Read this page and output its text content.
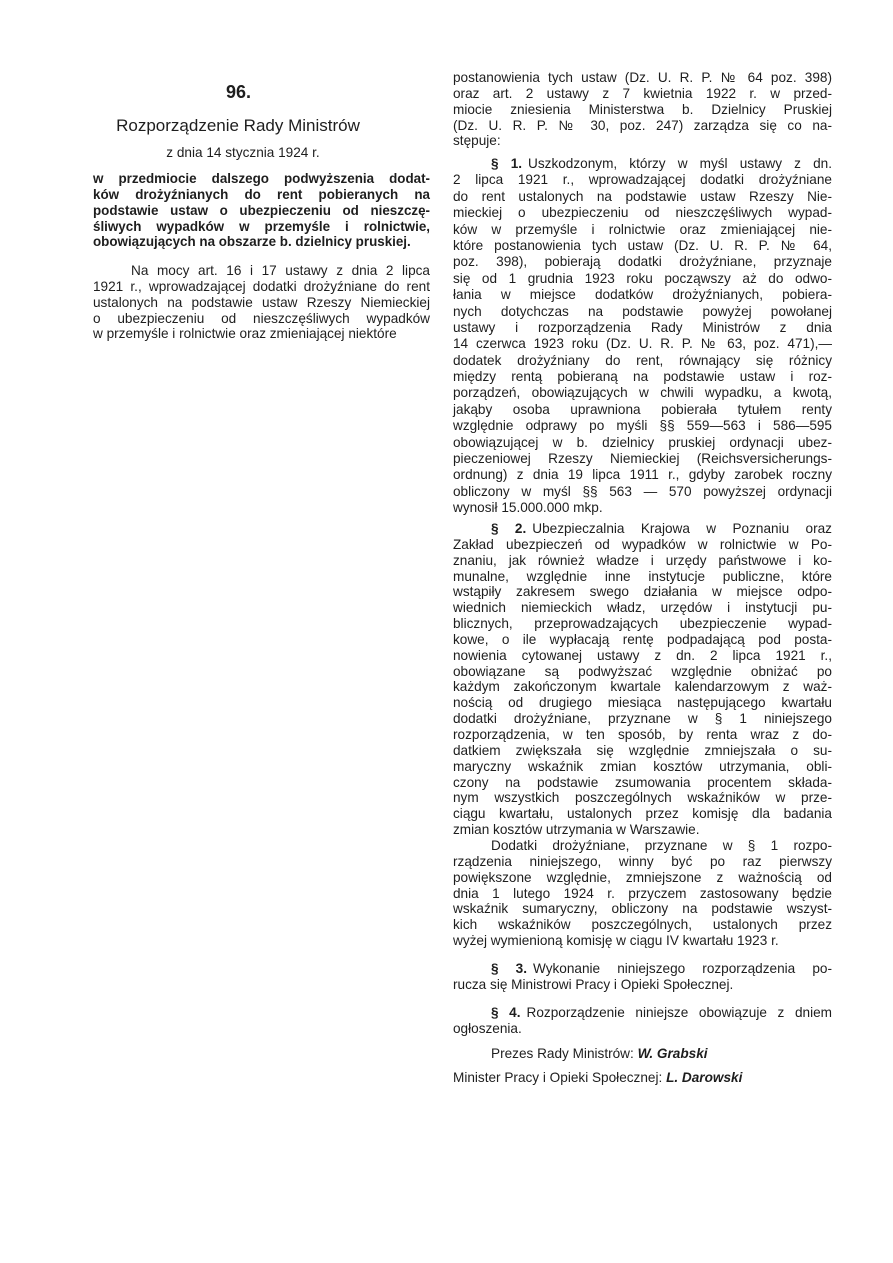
96.
Rozporządzenie Rady Ministrów
z dnia 14 stycznia 1924 r.
w przedmiocie dalszego podwyższenia dodat-
ków drożyźnianych do rent pobieranych na
podstawie ustaw o ubezpieczeniu od nieszczę-
śliwych wypadków w przemyśle i rolnictwie,
obowiązujących na obszarze b. dzielnicy pruskiej.
Na mocy art. 16 i 17 ustawy z dnia 2 lipca
1921 r., wprowadzającej dodatki drożyźniane do rent
ustalonych na podstawie ustaw Rzeszy Niemieckiej
o ubezpieczeniu od nieszczęśliwych wypadków
w przemyśle i rolnictwie oraz zmieniającej niektóre
postanowienia tych ustaw (Dz. U. R. P. № 64 poz. 398)
oraz art. 2 ustawy z 7 kwietnia 1922 r. w przed-
miocie zniesienia Ministerstwa b. Dzielnicy Pruskiej
(Dz. U. R. P. № 30, poz. 247) zarządza się co na-
stępuje:
§ 1. Uszkodzonym, którzy w myśl ustawy z dn.
2 lipca 1921 r., wprowadzającej dodatki drożyźniane
do rent ustalonych na podstawie ustaw Rzeszy Nie-
mieckiej o ubezpieczeniu od nieszczęśliwych wypad-
ków w przemyśle i rolnictwie oraz zmieniającej nie-
które postanowienia tych ustaw (Dz. U. R. P. № 64,
poz. 398), pobierają dodatki drożyźniane, przyznaje
się od 1 grudnia 1923 roku począwszy aż do odwo-
łania w miejsce dodatków drożyźnianych, pobiera-
nych dotychczas na podstawie powyżej powołanej
ustawy i rozporządzenia Rady Ministrów z dnia
14 czerwca 1923 roku (Dz. U. R. P. № 63, poz. 471),—
dodatek drożyźniany do rent, równający się różnicy
między rentą pobieraną na podstawie ustaw i roz-
porządzeń, obowiązujących w chwili wypadku, a kwotą,
jakąby osoba uprawniona pobierała tytułem renty
względnie odprawy po myśli §§ 559—563 i 586—595
obowiązującej w b. dzielnicy pruskiej ordynacji ubez-
pieczeniowej Rzeszy Niemieckiej (Reichsversicherungs-
ordnung) z dnia 19 lipca 1911 r., gdyby zarobek roczny
obliczony w myśl §§ 563 — 570 powyższej ordynacji
wynosił 15.000.000 mkp.
§ 2. Ubezpieczalnia Krajowa w Poznaniu oraz
Zakład ubezpieczeń od wypadków w rolnictwie w Po-
znaniu, jak również władze i urzędy państwowe i ko-
munalne, względnie inne instytucje publiczne, które
wstąpiły zakresem swego działania w miejsce odpo-
wiednich niemieckich władz, urzędów i instytucji pu-
blicznych, przeprowadzających ubezpieczenie wypad-
kowe, o ile wypłacają rentę podpadającą pod posta-
nowienia cytowanej ustawy z dn. 2 lipca 1921 r.,
obowiązane są podwyższać względnie obniżać po
każdym zakończonym kwartale kalendarzowym z waż-
nością od drugiego miesiąca następującego kwartału
dodatki drożyźniane, przyznane w § 1 niniejszego
rozporządzenia, w ten sposób, by renta wraz z do-
datkiem zwiększała się względnie zmniejszała o su-
maryczny wskaźnik zmian kosztów utrzymania, obli-
czony na podstawie zsumowania procentem składa-
nym wszystkich poszczególnych wskaźników w prze-
ciągu kwartału, ustalonych przez komisję dla badania
zmian kosztów utrzymania w Warszawie.
Dodatki drożyźniane, przyznane w § 1 rozpo-
rządzenia niniejszego, winny być po raz pierwszy
powiększone względnie, zmniejszone z ważnością od
dnia 1 lutego 1924 r. przyczem zastosowany będzie
wskaźnik sumaryczny, obliczony na podstawie wszyst-
kich wskaźników poszczególnych, ustalonych przez
wyżej wymienioną komisję w ciągu IV kwartału 1923 r.
§ 3. Wykonanie niniejszego rozporządzenia po-
rucza się Ministrowi Pracy i Opieki Społecznej.
§ 4. Rozporządzenie niniejsze obowiązuje z dniem
ogłoszenia.
Prezes Rady Ministrów: W. Grabski
Minister Pracy i Opieki Społecznej: L. Darowski
